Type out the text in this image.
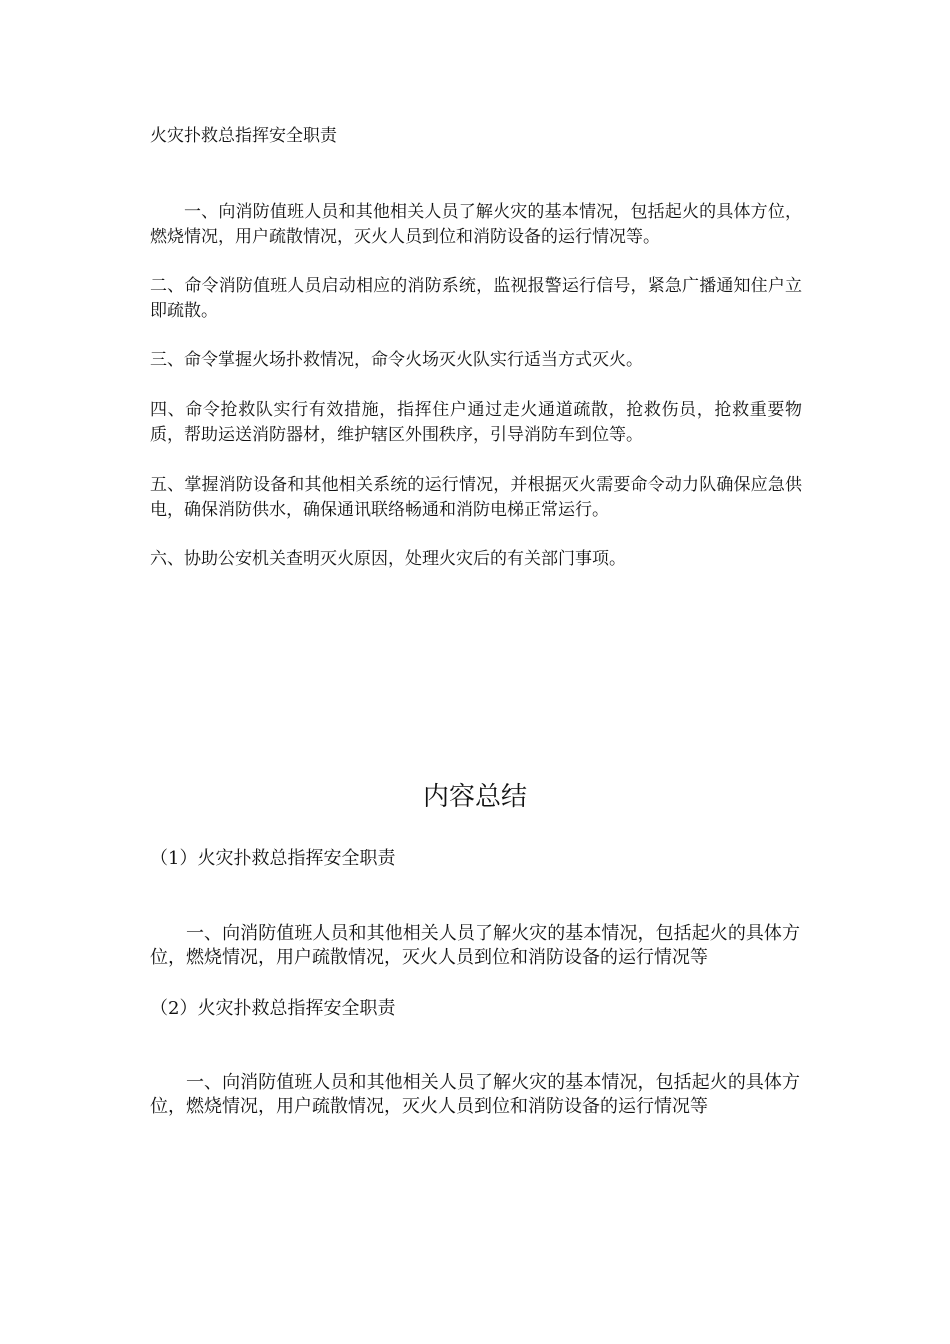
火灾扑救总指挥安全职责

一、向消防值班人员和其他相关人员了解火灾的基本情况，包括起火的具体方位，燃烧情况，用户疏散情况，灭火人员到位和消防设备的运行情况等。

二、命令消防值班人员启动相应的消防系统，监视报警运行信号，紧急广播通知住户立即疏散。

三、命令掌握火场扑救情况，命令火场灭火队实行适当方式灭火。

四、命令抢救队实行有效措施，指挥住户通过走火通道疏散，抢救伤员，抢救重要物质，帮助运送消防器材，维护辖区外围秩序，引导消防车到位等。

五、掌握消防设备和其他相关系统的运行情况，并根据灭火需要命令动力队确保应急供电，确保消防供水，确保通讯联络畅通和消防电梯正常运行。

六、协助公安机关查明灭火原因，处理火灾后的有关部门事项。

内容总结
（1）火灾扑救总指挥安全职责

一、向消防值班人员和其他相关人员了解火灾的基本情况，包括起火的具体方位，燃烧情况，用户疏散情况，灭火人员到位和消防设备的运行情况等

（2）火灾扑救总指挥安全职责

一、向消防值班人员和其他相关人员了解火灾的基本情况，包括起火的具体方位，燃烧情况，用户疏散情况，灭火人员到位和消防设备的运行情况等
